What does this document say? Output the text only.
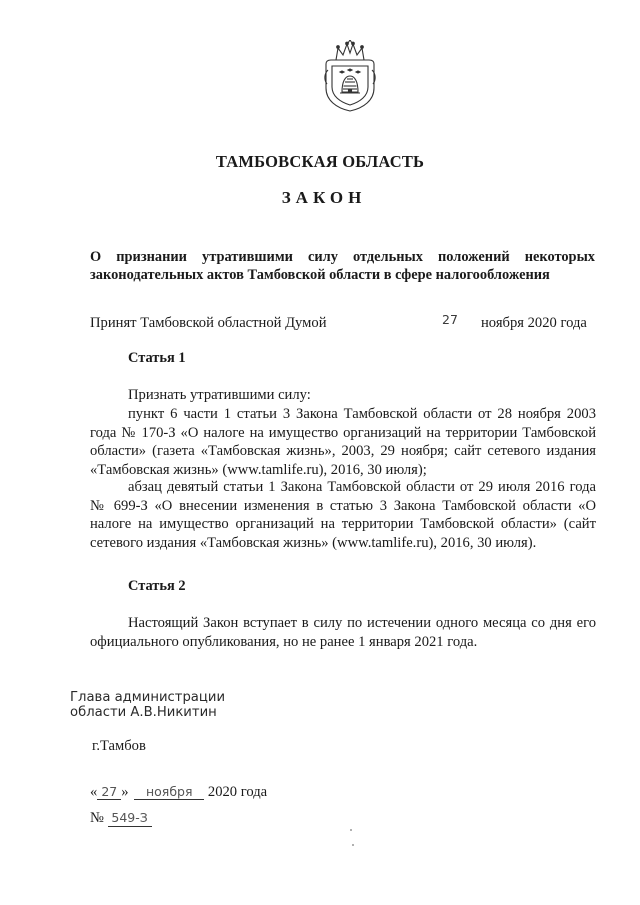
ТАМБОВСКАЯ ОБЛАСТЬ
ЗАКОН
О признании утратившими силу отдельных положений некоторых законодательных актов Тамбовской области в сфере налогообложения
Принят Тамбовской областной Думой	27 ноября 2020 года
Статья 1

Признать утратившими силу:

пункт 6 части 1 статьи 3 Закона Тамбовской области от 28 ноября 2003 года № 170-З «О налоге на имущество организаций на территории Тамбовской области» (газета «Тамбовская жизнь», 2003, 29 ноября; сайт сетевого издания «Тамбовская жизнь» (www.tamlife.ru), 2016, 30 июля);

абзац девятый статьи 1 Закона Тамбовской области от 29 июля 2016 года № 699-З «О внесении изменения в статью 3 Закона Тамбовской области «О налоге на имущество организаций на территории Тамбовской области» (сайт сетевого издания «Тамбовская жизнь» (www.tamlife.ru), 2016, 30 июля).

Статья 2

Настоящий Закон вступает в силу по истечении одного месяца со дня его официального опубликования, но не ранее 1 января 2021 года.

Глава администрации
области А.В.Никитин
г.Тамбов
« 27 » ноября 2020 года
№ 549-З
